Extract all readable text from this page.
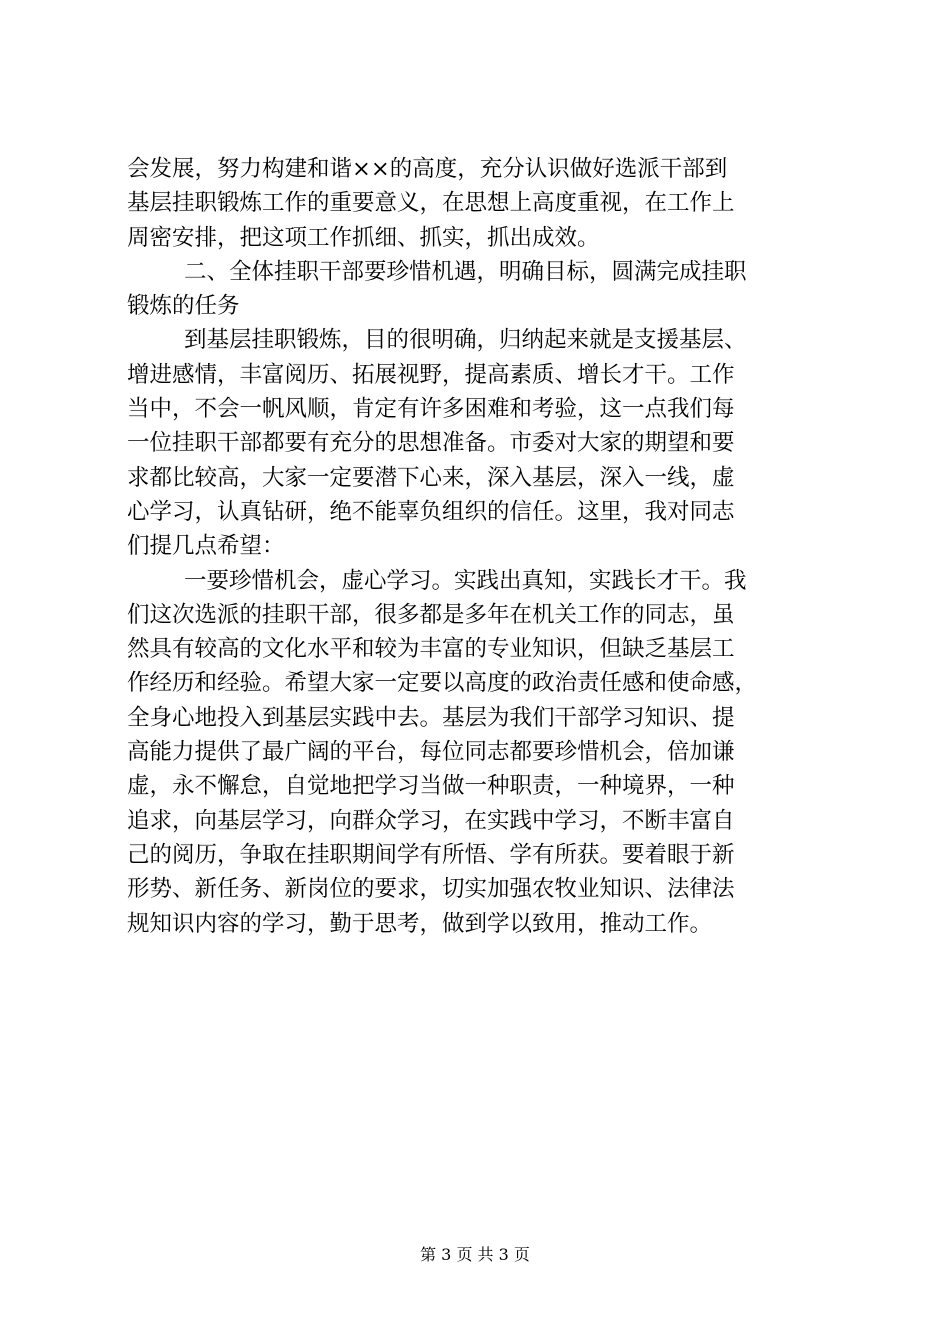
会发展，努力构建和谐××的高度，充分认识做好选派干部到
基层挂职锻炼工作的重要意义，在思想上高度重视，在工作上
周密安排，把这项工作抓细、抓实，抓出成效。
二、全体挂职干部要珍惜机遇，明确目标，圆满完成挂职
锻炼的任务
到基层挂职锻炼，目的很明确，归纳起来就是支援基层、
增进感情，丰富阅历、拓展视野，提高素质、增长才干。工作
当中，不会一帆风顺，肯定有许多困难和考验，这一点我们每
一位挂职干部都要有充分的思想准备。市委对大家的期望和要
求都比较高，大家一定要潜下心来，深入基层，深入一线，虚
心学习，认真钻研，绝不能辜负组织的信任。这里，我对同志
们提几点希望：
一要珍惜机会，虚心学习。实践出真知，实践长才干。我
们这次选派的挂职干部，很多都是多年在机关工作的同志，虽
然具有较高的文化水平和较为丰富的专业知识，但缺乏基层工
作经历和经验。希望大家一定要以高度的政治责任感和使命感，
全身心地投入到基层实践中去。基层为我们干部学习知识、提
高能力提供了最广阔的平台，每位同志都要珍惜机会，倍加谦
虚，永不懈怠，自觉地把学习当做一种职责，一种境界，一种
追求，向基层学习，向群众学习，在实践中学习，不断丰富自
己的阅历，争取在挂职期间学有所悟、学有所获。要着眼于新
形势、新任务、新岗位的要求，切实加强农牧业知识、法律法
规知识内容的学习，勤于思考，做到学以致用，推动工作。
第 3 页 共 3 页
